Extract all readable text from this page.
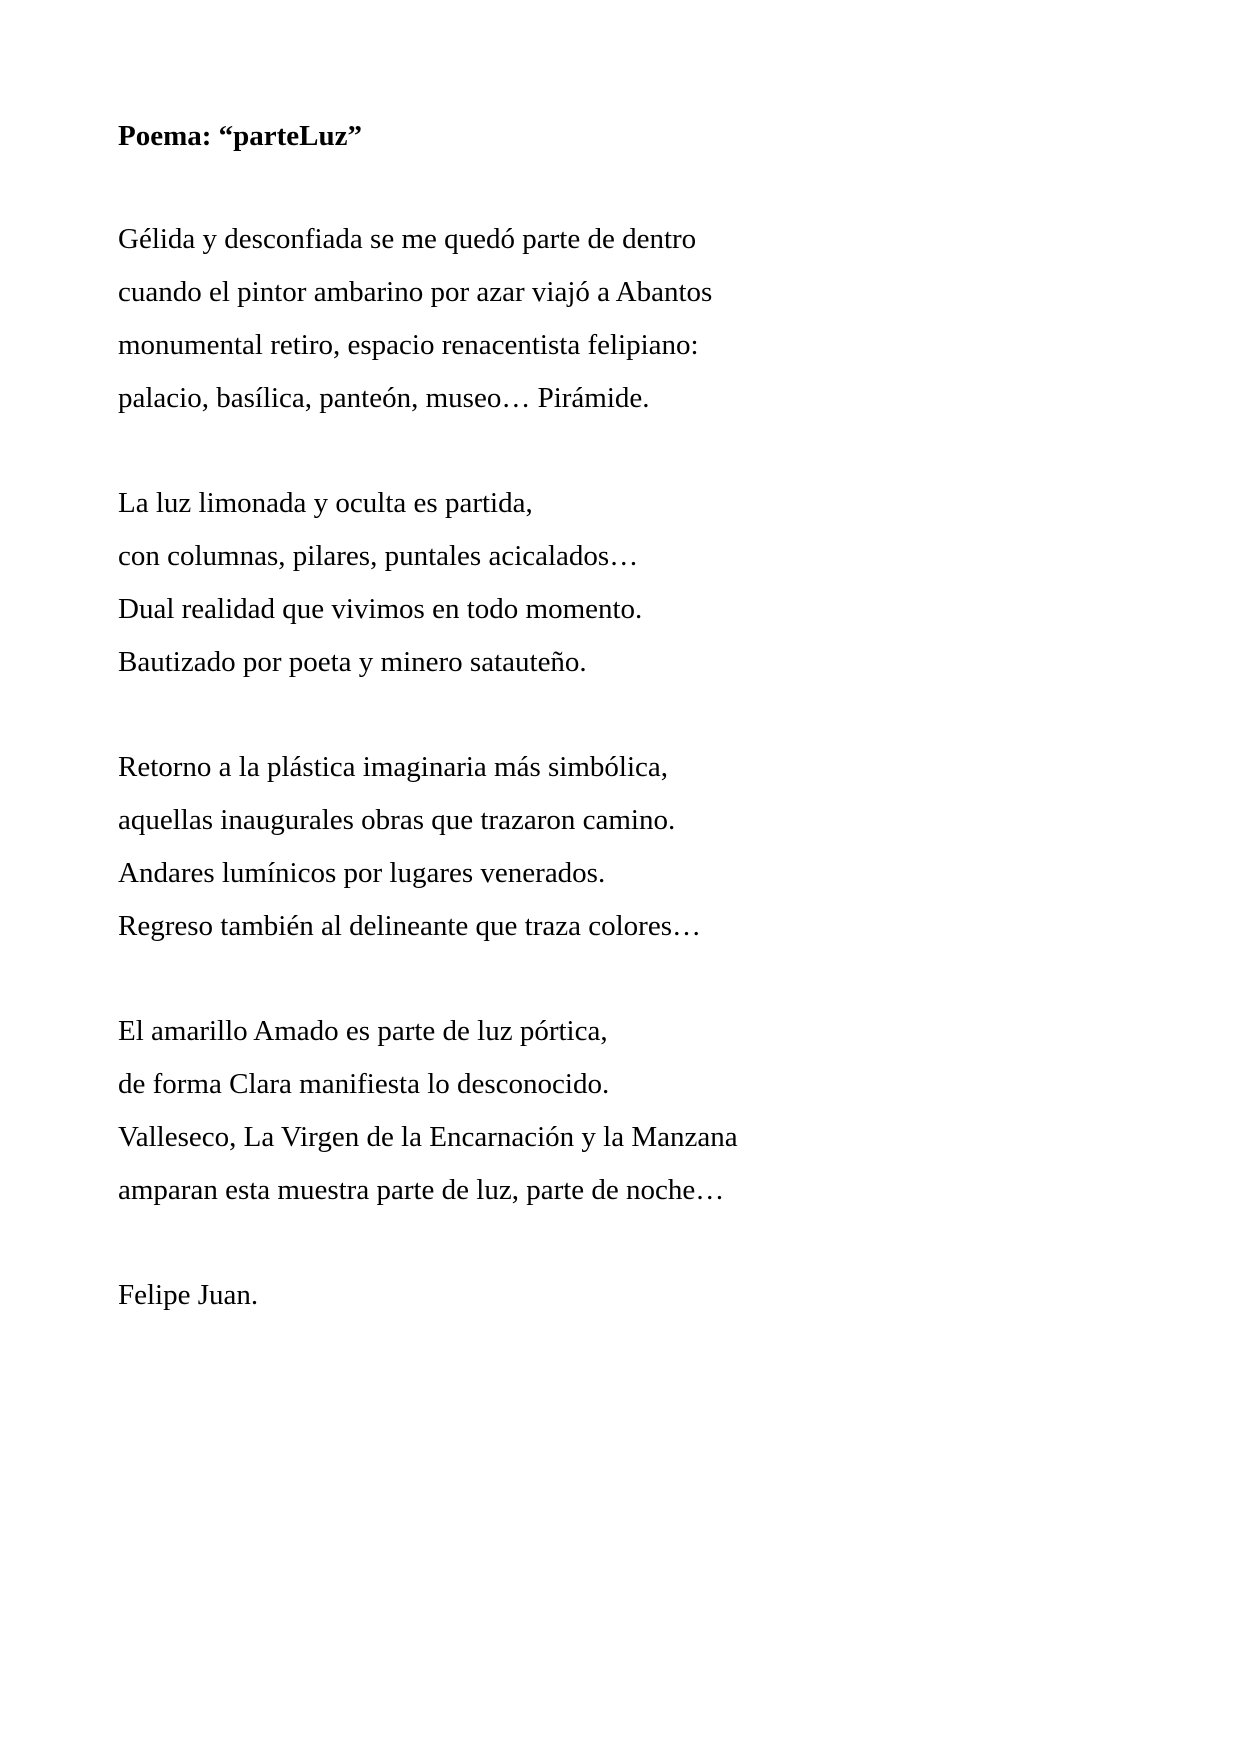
Poema: “parteLuz”
Gélida y desconfiada se me quedó parte de dentro
cuando el pintor ambarino por azar viajó a Abantos
monumental retiro, espacio renacentista felipiano:
palacio, basílica, panteón, museo… Pirámide.
La luz limonada y oculta es partida,
con columnas, pilares, puntales acicalados…
Dual realidad que vivimos en todo momento.
Bautizado por poeta y minero satauteño.
Retorno a la plástica imaginaria más simbólica,
aquellas inaugurales obras que trazaron camino.
Andares lumínicos por lugares venerados.
Regreso también al delineante que traza colores…
El amarillo Amado es parte de luz pórtica,
de forma Clara manifiesta lo desconocido.
Valleseco, La Virgen de la Encarnación y la Manzana
amparan esta muestra parte de luz, parte de noche…
Felipe Juan.
